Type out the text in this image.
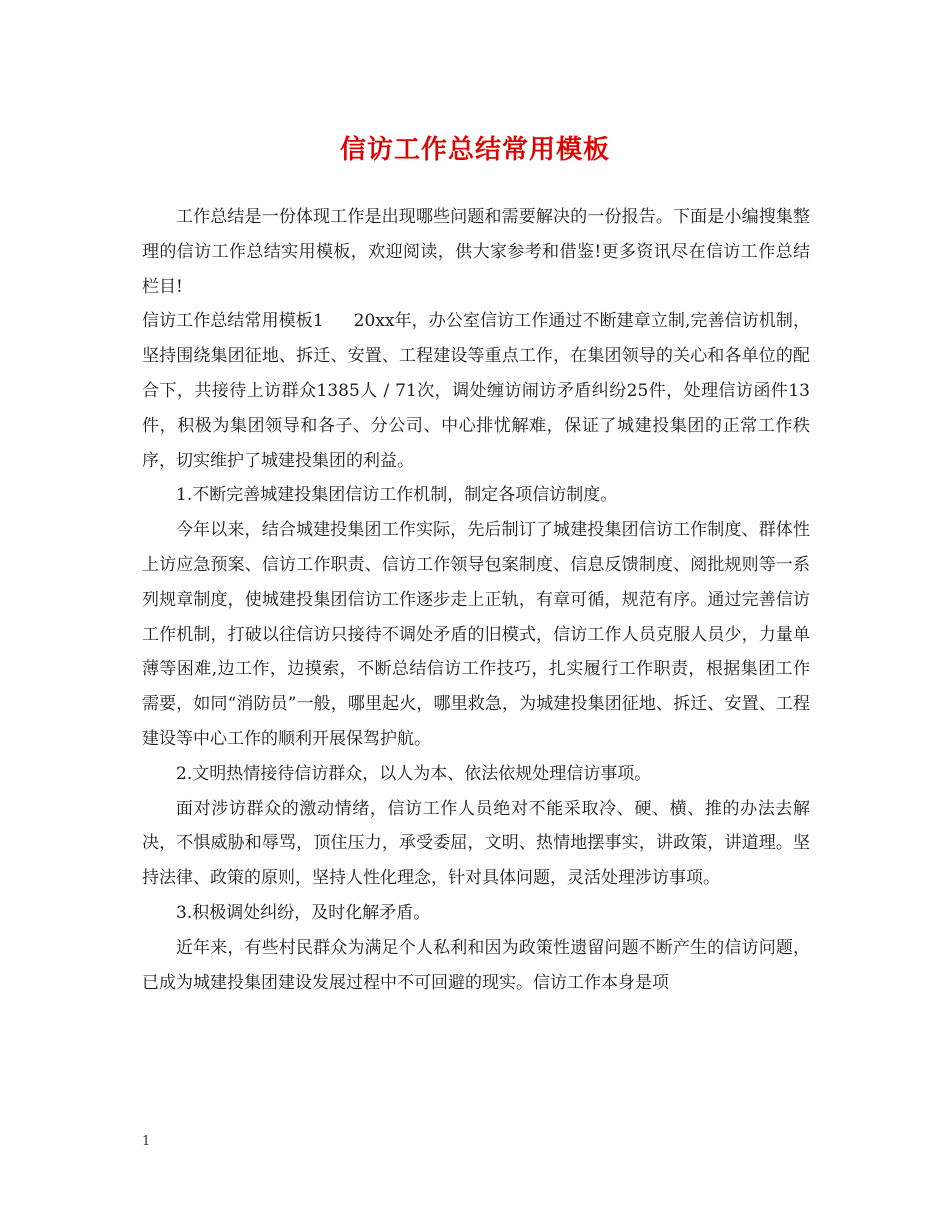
信访工作总结常用模板

工作总结是一份体现工作是出现哪些问题和需要解决的一份报告。下面是小编搜集整理的信访工作总结实用模板，欢迎阅读，供大家参考和借鉴!更多资讯尽在信访工作总结栏目!

信访工作总结常用模板1 20xx年，办公室信访工作通过不断建章立制,完善信访机制，坚持围绕集团征地、拆迁、安置、工程建设等重点工作，在集团领导的关心和各单位的配合下，共接待上访群众1385人 / 71次，调处缠访闹访矛盾纠纷25件，处理信访函件13件，积极为集团领导和各子、分公司、中心排忧解难，保证了城建投集团的正常工作秩序，切实维护了城建投集团的利益。

1.不断完善城建投集团信访工作机制，制定各项信访制度。

今年以来，结合城建投集团工作实际，先后制订了城建投集团信访工作制度、群体性上访应急预案、信访工作职责、信访工作领导包案制度、信息反馈制度、阅批规则等一系列规章制度，使城建投集团信访工作逐步走上正轨，有章可循，规范有序。通过完善信访工作机制，打破以往信访只接待不调处矛盾的旧模式，信访工作人员克服人员少，力量单薄等困难,边工作，边摸索，不断总结信访工作技巧，扎实履行工作职责，根据集团工作需要，如同“消防员”一般，哪里起火，哪里救急，为城建投集团征地、拆迁、安置、工程建设等中心工作的顺利开展保驾护航。

2.文明热情接待信访群众，以人为本、依法依规处理信访事项。

面对涉访群众的激动情绪，信访工作人员绝对不能采取冷、硬、横、推的办法去解决，不惧威胁和辱骂，顶住压力，承受委屈，文明、热情地摆事实，讲政策，讲道理。坚持法律、政策的原则，坚持人性化理念，针对具体问题，灵活处理涉访事项。

3.积极调处纠纷，及时化解矛盾。

近年来，有些村民群众为满足个人私利和因为政策性遗留问题不断产生的信访问题，已成为城建投集团建设发展过程中不可回避的现实。信访工作本身是项

1
